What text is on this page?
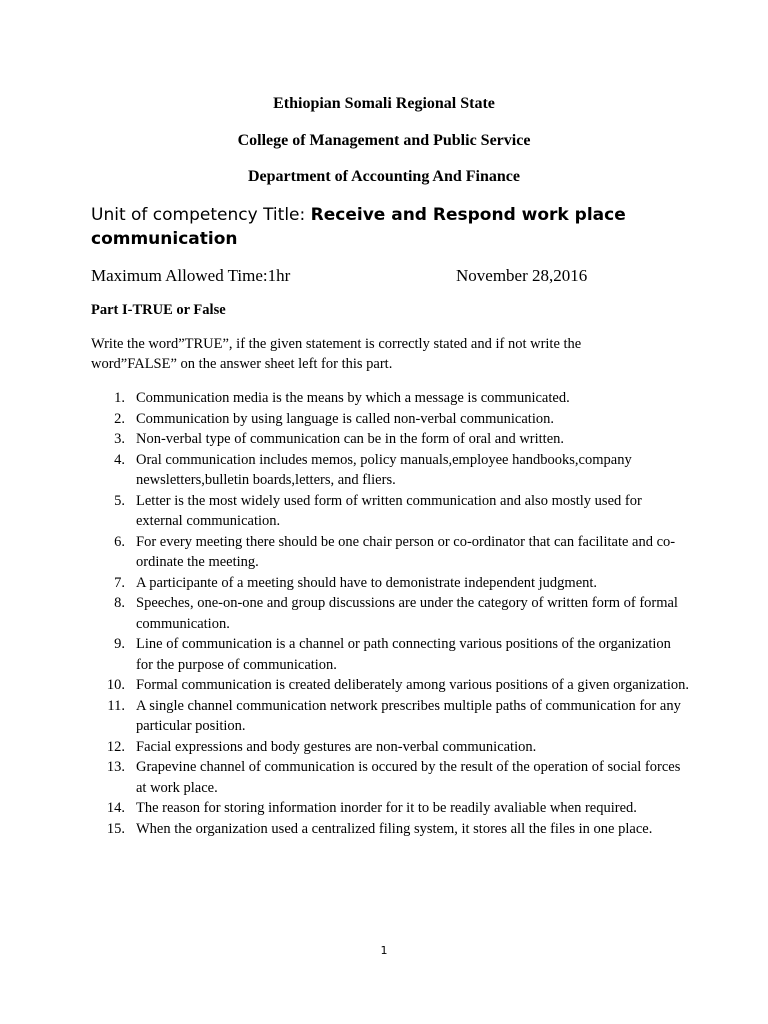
Ethiopian Somali Regional State
College of Management and Public Service
Department of Accounting And Finance
Unit of competency Title: Receive and Respond work place communication
Maximum Allowed Time:1hr	November 28,2016
Part I-TRUE or False
Write the word”TRUE”, if the given statement is correctly stated and if not write the word”FALSE” on the answer sheet left for this part.
1. Communication media is the means by which a message is communicated.
2. Communication by using language is called non-verbal communication.
3. Non-verbal type of communication can be in the form of oral and written.
4. Oral communication includes memos, policy manuals,employee handbooks,company newsletters,bulletin boards,letters, and fliers.
5. Letter is the most widely used form of written communication and also mostly used for external communication.
6. For every meeting there should be one chair person or co-ordinator that can facilitate and co-ordinate the meeting.
7. A participante of a meeting should have to demonistrate independent judgment.
8. Speeches, one-on-one and group discussions are under the category of written form of formal communication.
9. Line of communication is a channel or path connecting various positions of the organization for the purpose of communication.
10. Formal communication is created deliberately among various positions of a given organization.
11. A single channel communication network prescribes multiple paths of communication for any particular position.
12. Facial expressions and body gestures are non-verbal communication.
13. Grapevine channel of communication is occured by the result of the operation of social forces at work place.
14. The reason for storing information inorder for it to be readily avaliable when required.
15. When the organization used a centralized filing system, it stores all the files in one place.
1
